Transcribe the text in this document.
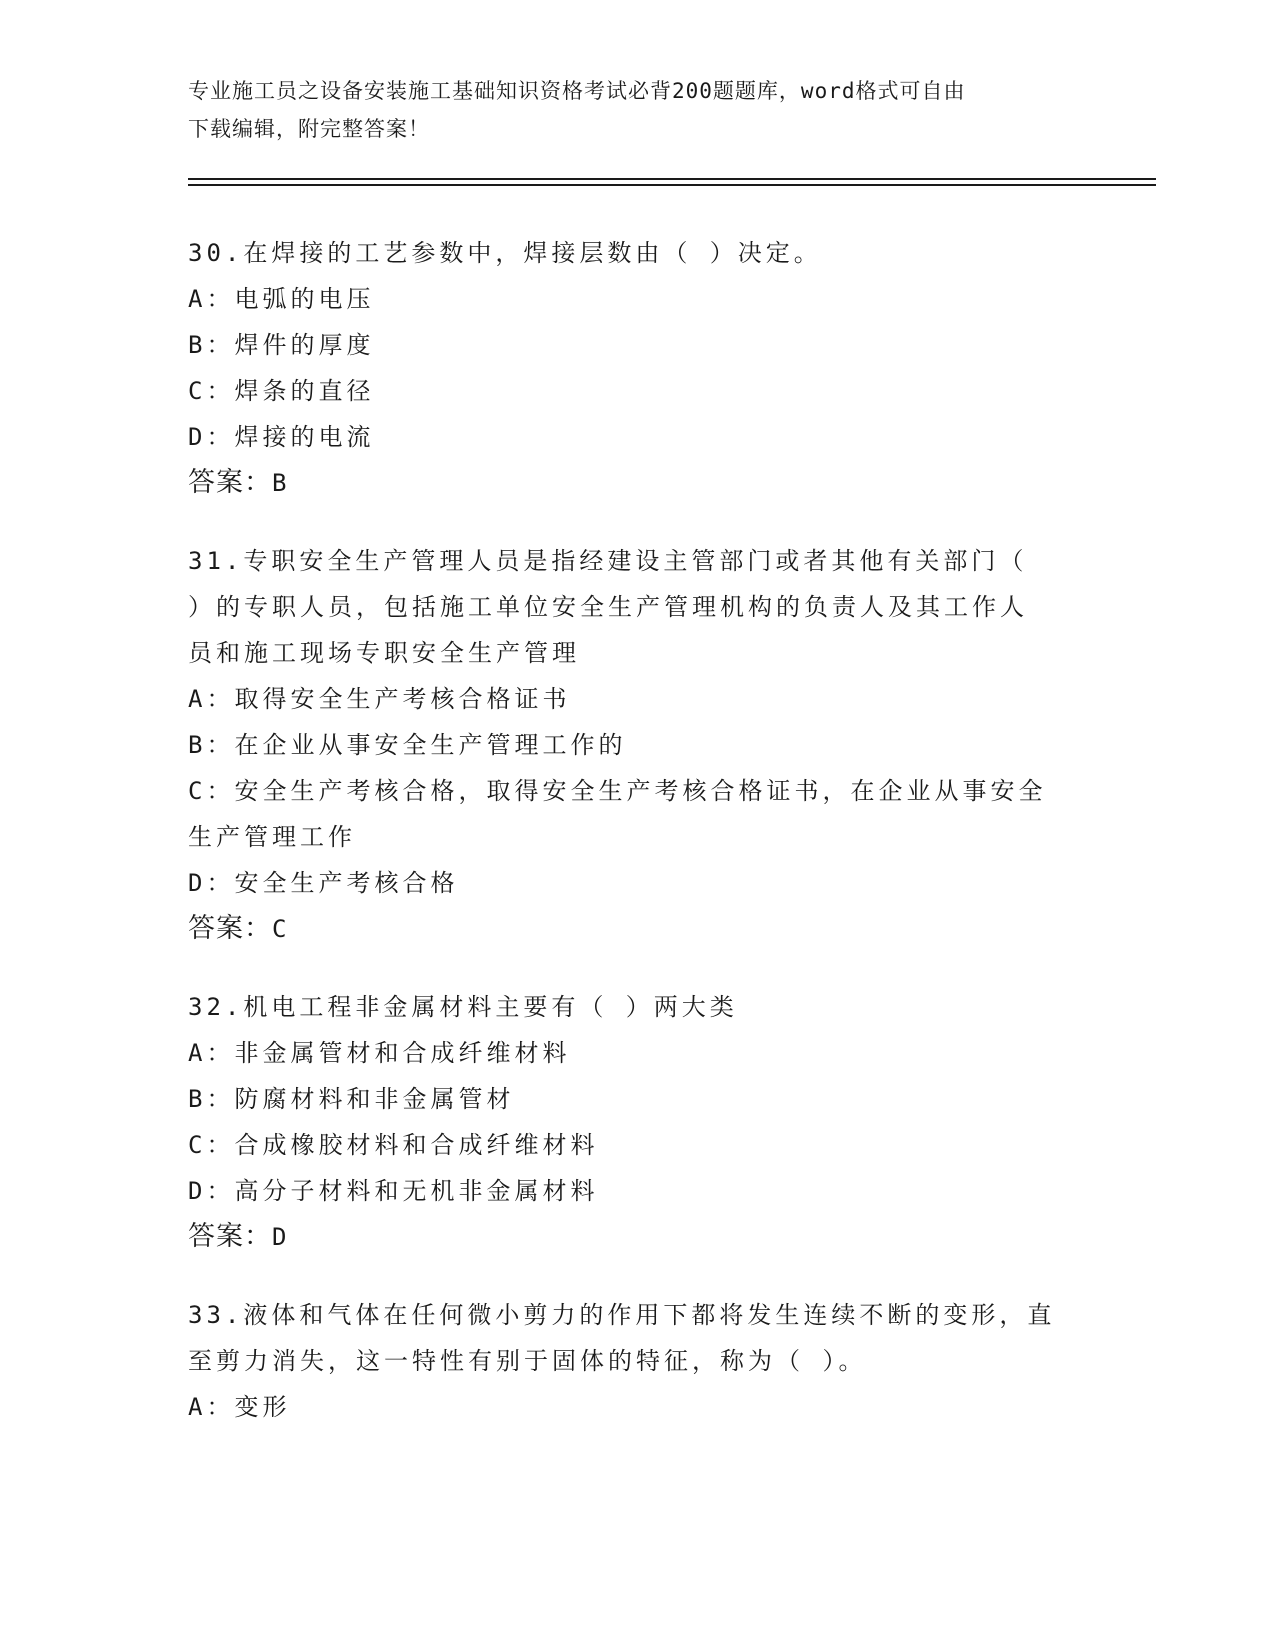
专业施工员之设备安装施工基础知识资格考试必背200题题库，word格式可自由
下载编辑，附完整答案！

30.在焊接的工艺参数中，焊接层数由（ ）决定。

A：电弧的电压

B：焊件的厚度

C：焊条的直径

D：焊接的电流

答案：B

31.专职安全生产管理人员是指经建设主管部门或者其他有关部门（

）的专职人员，包括施工单位安全生产管理机构的负责人及其工作人

员和施工现场专职安全生产管理

A：取得安全生产考核合格证书

B：在企业从事安全生产管理工作的

C：安全生产考核合格，取得安全生产考核合格证书，在企业从事安全

生产管理工作

D：安全生产考核合格

答案：C

32.机电工程非金属材料主要有（ ）两大类

A：非金属管材和合成纤维材料

B：防腐材料和非金属管材

C：合成橡胶材料和合成纤维材料

D：高分子材料和无机非金属材料

答案：D

33.液体和气体在任何微小剪力的作用下都将发生连续不断的变形，直

至剪力消失，这一特性有别于固体的特征，称为（ ）。

A：变形
